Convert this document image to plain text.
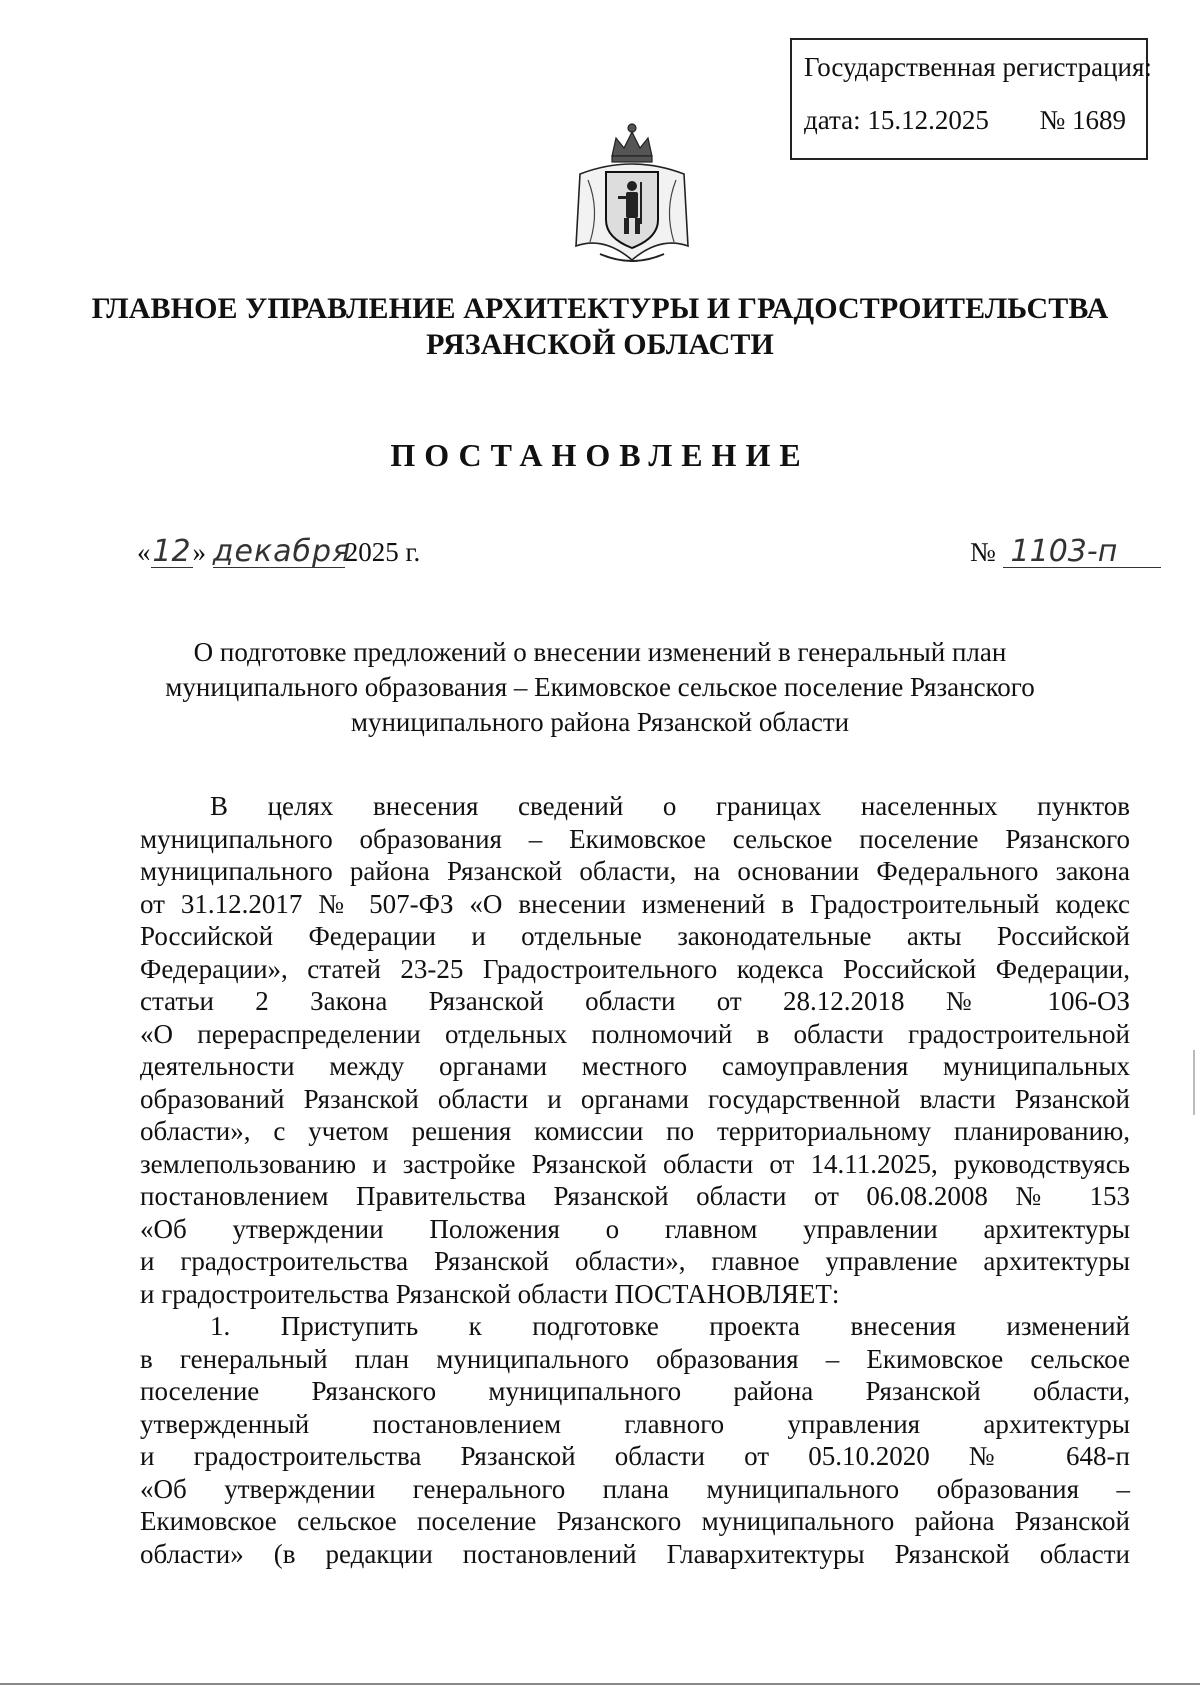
Государственная регистрация:
дата: 15.12.2025 № 1689
ГЛАВНОЕ УПРАВЛЕНИЕ АРХИТЕКТУРЫ И ГРАДОСТРОИТЕЛЬСТВА
РЯЗАНСКОЙ ОБЛАСТИ
ПОСТАНОВЛЕНИЕ
«12» декабря2025 г.	№ 1103-п
О подготовке предложений о внесении изменений в генеральный план
муниципального образования – Екимовское сельское поселение Рязанского
муниципального района Рязанской области
В целях внесения сведений о границах населенных пунктов
муниципального образования – Екимовское сельское поселение Рязанского
муниципального района Рязанской области, на основании Федерального закона
от 31.12.2017 № 507-ФЗ «О внесении изменений в Градостроительный кодекс
Российской Федерации и отдельные законодательные акты Российской
Федерации», статей 23-25 Градостроительного кодекса Российской Федерации,
статьи 2 Закона Рязанской области от 28.12.2018 № 106-ОЗ
«О перераспределении отдельных полномочий в области градостроительной
деятельности между органами местного самоуправления муниципальных
образований Рязанской области и органами государственной власти Рязанской
области», с учетом решения комиссии по территориальному планированию,
землепользованию и застройке Рязанской области от 14.11.2025, руководствуясь
постановлением Правительства Рязанской области от 06.08.2008 № 153
«Об утверждении Положения о главном управлении архитектуры
и градостроительства Рязанской области», главное управление архитектуры
и градостроительства Рязанской области ПОСТАНОВЛЯЕТ:
1. Приступить к подготовке проекта внесения изменений
в генеральный план муниципального образования – Екимовское сельское
поселение Рязанского муниципального района Рязанской области,
утвержденный постановлением главного управления архитектуры
и градостроительства Рязанской области от 05.10.2020 № 648-п
«Об утверждении генерального плана муниципального образования –
Екимовское сельское поселение Рязанского муниципального района Рязанской
области» (в редакции постановлений Главархитектуры Рязанской области
